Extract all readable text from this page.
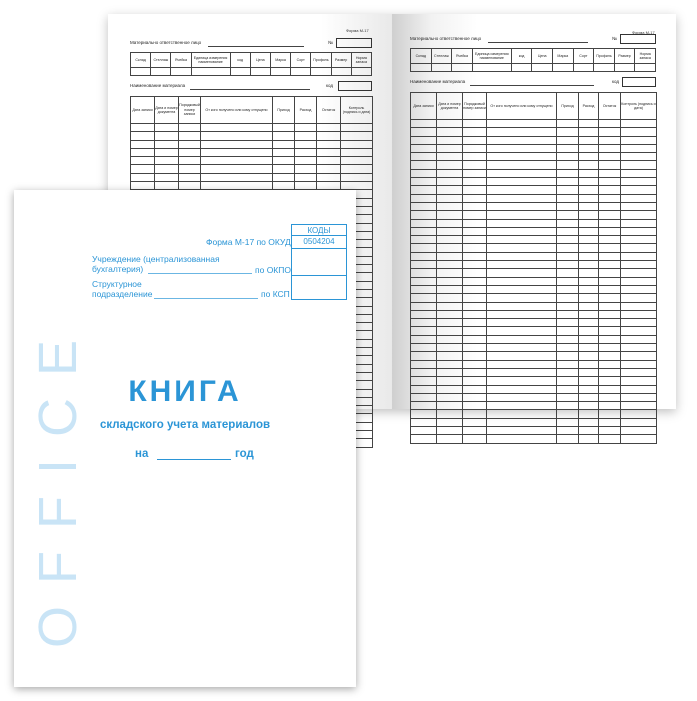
Форма М-17
Материально ответственное лицо	№
Склад	Стеллаж	Ячейка	Единица измерения наименование	код	Цена	Марка	Сорт	Профиль	Размер	Норма запаса

Наименование материала	код
Дата записи	Дата и номер документа	Порядковый номер записи	От кого получено или кому отпущено	Приход	Расход	Остаток	Контроль (подпись и дата)

Форма М-17
Материально ответственное лицо	№
Склад	Стеллаж	Ячейка	Единица измерения наименование	код	Цена	Марка	Сорт	Профиль	Размер	Норма запаса

Наименование материала	код
Дата записи	Дата и номер документа	Порядковый номер записи	От кого получено или кому отпущено	Приход	Расход	Остаток	Контроль (подпись и дата)

OFFICE
КОДЫ
Форма М-17 по ОКУД	0504204
Учреждение (централизованная
бухгалтерия)	по ОКПО
Структурное
подразделение	по КСП
КНИГА
складского учета материалов
на	год
